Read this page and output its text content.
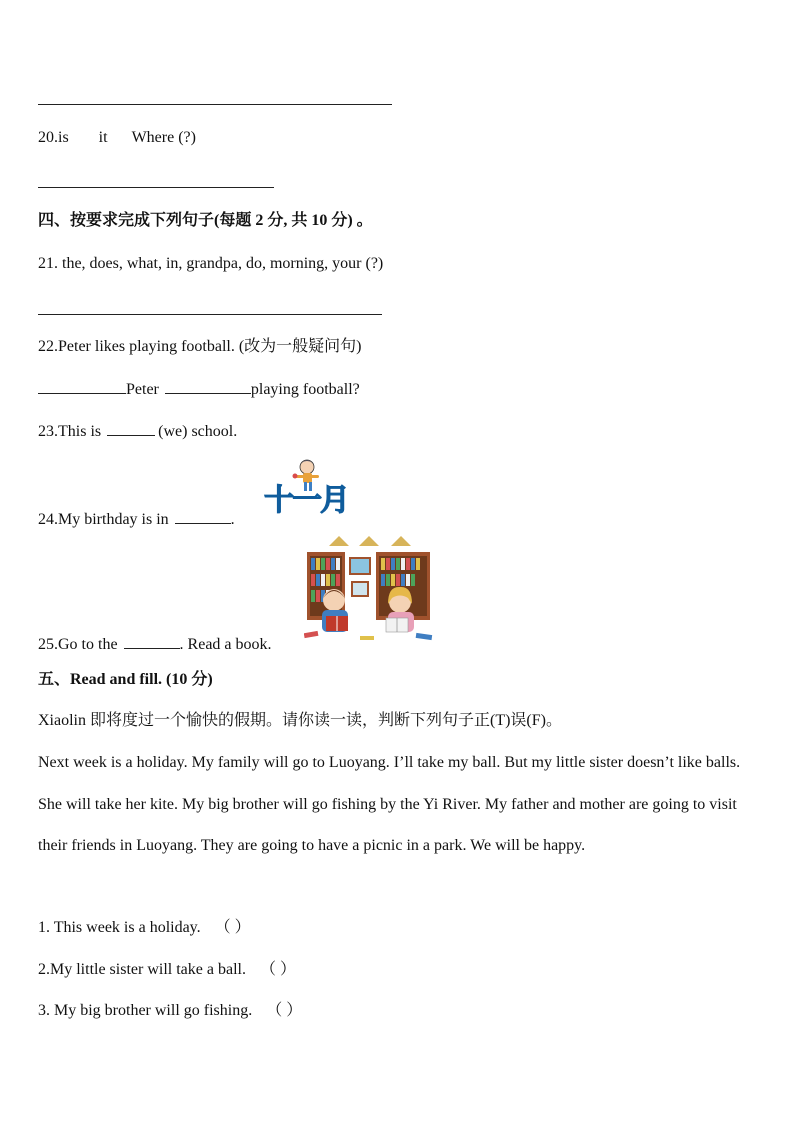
20.is it Where (?)
四、按要求完成下列句子(每题 2 分, 共 10 分) 。
21. the, does, what, in, grandpa, do, morning, your (?)
22.Peter likes playing football. (改为一般疑问句)
Peter	playing football?
23.This is	(we) school.
24.My birthday is in	.
十一月
25.Go to the	. Read a book.
五、Read and fill. (10 分)
Xiaolin 即将度过一个愉快的假期。请你读一读，判断下列句子正(T)误(F)。
Next week is a holiday. My family will go to Luoyang. I’ll take my ball. But my little sister doesn’t like balls. She will take her kite. My big brother will go fishing by the Yi River. My father and mother are going to visit their friends in Luoyang. They are going to have a picnic in a park. We will be happy.
1. This week is a holiday. （ ）
2.My little sister will take a ball. （ ）
3. My big brother will go fishing. （ ）
